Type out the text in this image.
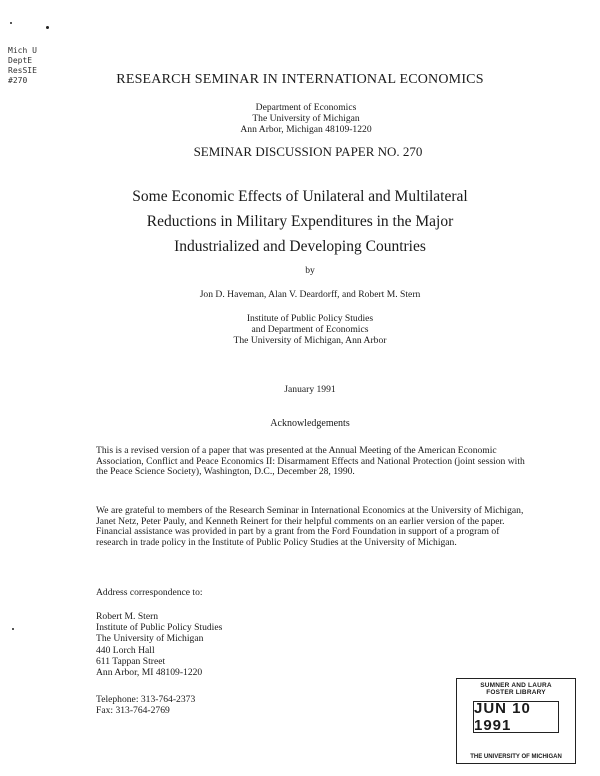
Mich U
DeptE
ResSIE
#270	RESEARCH SEMINAR IN INTERNATIONAL ECONOMICS
Department of Economics
The University of Michigan
Ann Arbor, Michigan 48109-1220
SEMINAR DISCUSSION PAPER NO. 270
Some Economic Effects of Unilateral and Multilateral
Reductions in Military Expenditures in the Major
Industrialized and Developing Countries
by
Jon D. Haveman, Alan V. Deardorff, and Robert M. Stern
Institute of Public Policy Studies
and Department of Economics
The University of Michigan, Ann Arbor
January 1991
Acknowledgements

This is a revised version of a paper that was presented at the Annual Meeting of the American Economic Association, Conflict and Peace Economics II: Disarmament Effects and National Protection (joint session with the Peace Science Society), Washington, D.C., December 28, 1990.

We are grateful to members of the Research Seminar in International Economics at the University of Michigan, Janet Netz, Peter Pauly, and Kenneth Reinert for their helpful comments on an earlier version of the paper. Financial assistance was provided in part by a grant from the Ford Foundation in support of a program of research in trade policy in the Institute of Public Policy Studies at the University of Michigan.

Address correspondence to:
Robert M. Stern
Institute of Public Policy Studies
The University of Michigan
440 Lorch Hall
611 Tappan Street
Ann Arbor, MI 48109-1220
Telephone: 313-764-2373
Fax: 313-764-2769
SUMNER AND LAURA
FOSTER LIBRARY
JUN 10 1991
THE UNIVERSITY OF MICHIGAN
